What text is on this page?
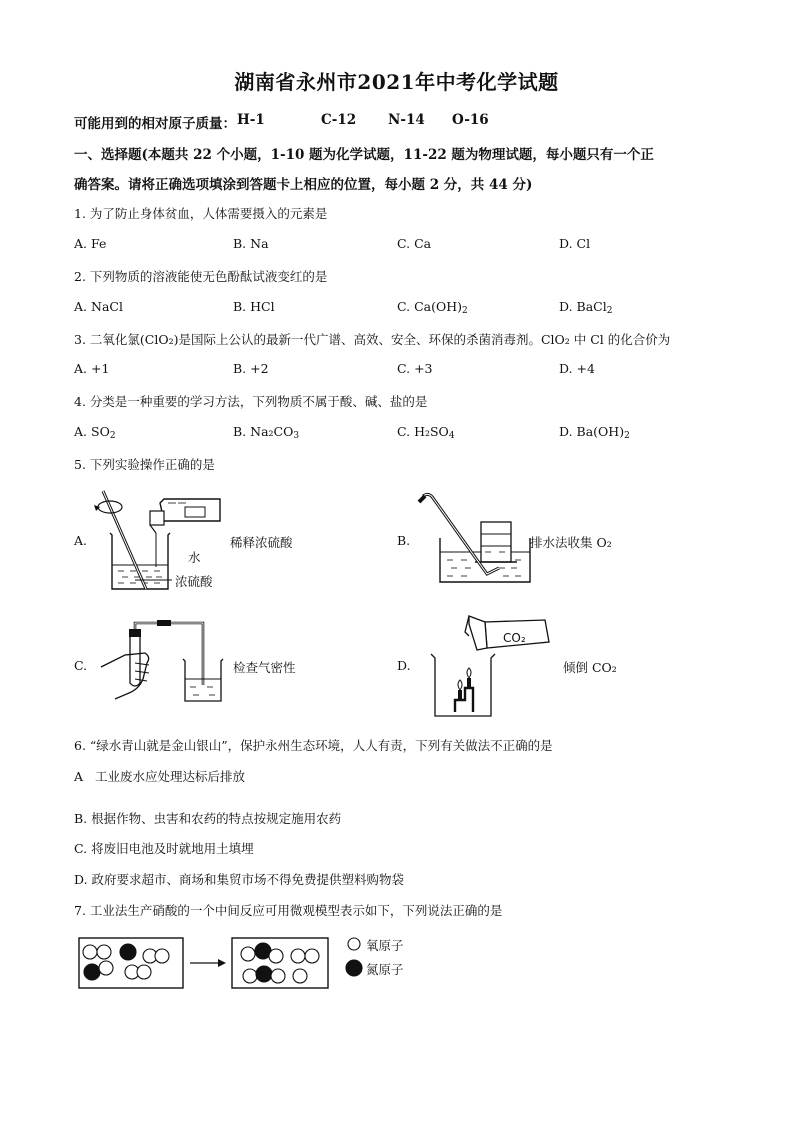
湖南省永州市2021年中考化学试题
可能用到的相对原子质量： H-1	C-12 N-14 O-16
一、选择题(本题共 22 个小题，1-10 题为化学试题，11-22 题为物理试题，每小题只有一个正
确答案。请将正确选项填涂到答题卡上相应的位置，每小题 2 分，共 44 分)
1. 为了防止身体贫血，人体需要摄入的元素是
A. Fe	B. Na	C. Ca	D. Cl
2. 下列物质的溶液能使无色酚酞试液变红的是
A. NaCl	B. HCl	C. $Ca(OH)_2$	D. BaCl$_2$
3. 二氧化氯(ClO₂)是国际上公认的最新一代广谱、高效、安全、环保的杀菌消毒剂。ClO₂ 中 Cl 的化合价为
A. +1	B. +2	C. +3	D. +4
4. 分类是一种重要的学习方法，下列物质不属于酸、碱、盐的是
A. $SO_2$	B. $Na_2CO_3$	C. $H_2SO_4$	D. $Ba(OH)_2$
5. 下列实验操作正确的是
A.
水
浓硫酸
稀释浓硫酸	B.	排水法收集 O₂
C.	检查气密性	D.
CO₂
倾倒 CO₂
6. “绿水青山就是金山银山”，保护永州生态环境，人人有责，下列有关做法不正确的是
A 工业废水应处理达标后排放
B. 根据作物、虫害和农药的特点按规定施用农药
C. 将废旧电池及时就地用土填埋
D. 政府要求超市、商场和集贸市场不得免费提供塑料购物袋
7. 工业法生产硝酸的一个中间反应可用微观模型表示如下，下列说法正确的是
氧原子
氮原子
